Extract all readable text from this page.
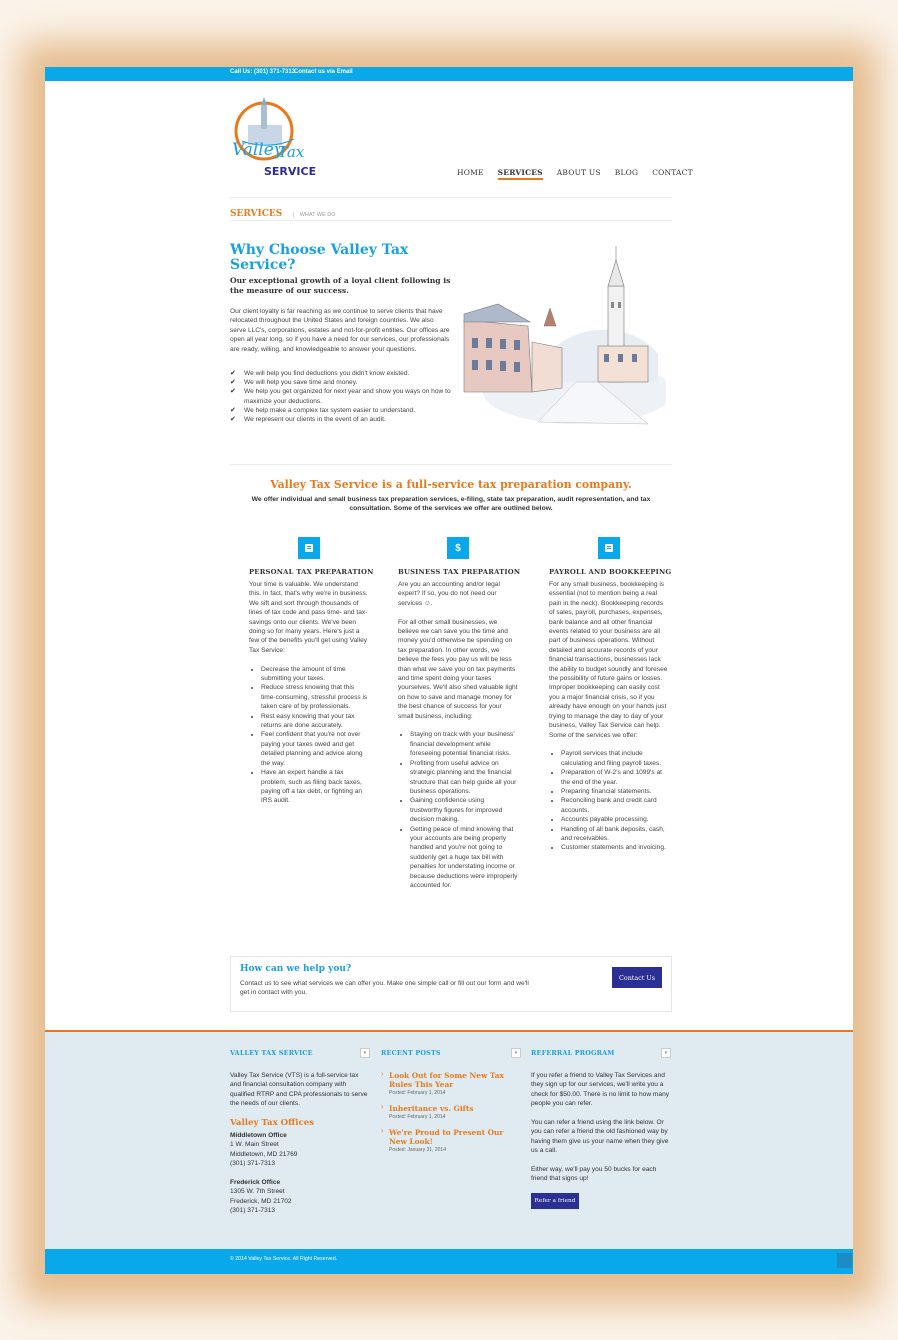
Call Us: (301) 371-7313
Contact us via Email
Valley
Tax
SERVICE	HOME	SERVICES	ABOUT US	BLOG	CONTACT
SERVICES	WHAT WE DO
Why Choose Valley Tax Service?
Our exceptional growth of a loyal client following is the measure of our success.
Our client loyalty is far reaching as we continue to serve clients that have relocated throughout the United States and foreign countries. We also serve LLC's, corporations, estates and not-for-profit entities. Our offices are open all year long, so if you have a need for our services, our professionals are ready, willing, and knowledgeable to answer your questions.
✔ We will help you find deductions you didn't know existed.
✔ We will help you save time and money.
✔ We help you get organized for next year and show you ways on how to maximize your deductions.
✔ We help make a complex tax system easier to understand.
✔ We represent our clients in the event of an audit.
Valley Tax Service is a full-service tax preparation company.
We offer individual and small business tax preparation services, e-filing, state tax preparation, audit representation, and tax consultation. Some of the services we offer are outlined below.
PERSONAL TAX PREPARATION

Your time is valuable. We understand this. In fact, that's why we're in business. We sift and sort through thousands of lines of tax code and pass time- and tax-savings onto our clients. We've been doing so for many years. Here's just a few of the benefits you'll get using Valley Tax Service:

• Decrease the amount of time submitting your taxes.
• Reduce stress knowing that this time-consuming, stressful process is taken care of by professionals.
• Rest easy knowing that your tax returns are done accurately.
• Feel confident that you're not over paying your taxes owed and get detailed planning and advice along the way.
• Have an expert handle a tax problem, such as filing back taxes, paying off a tax debt, or fighting an IRS audit.
$
BUSINESS TAX PREPARATION

Are you an accounting and/or legal expert? If so, you do not need our services ☺.

For all other small businesses, we believe we can save you the time and money you'd otherwise be spending on tax preparation. In other words, we believe the fees you pay us will be less than what we save you on tax payments and time spent doing your taxes yourselves. We'll also shed valuable light on how to save and manage money for the best chance of success for your small business, including:

• Staying on track with your business' financial development while foreseeing potential financial risks.
• Profiting from useful advice on strategic planning and the financial structure that can help guide all your business operations.
• Gaining confidence using trustworthy figures for improved decision making.
• Getting peace of mind knowing that your accounts are being properly handled and you're not going to suddenly get a huge tax bill with penalties for understating income or because deductions were improperly accounted for.
PAYROLL AND BOOKKEEPING

For any small business, bookkeeping is essential (not to mention being a real pain in the neck). Bookkeeping records of sales, payroll, purchases, expenses, bank balance and all other financial events related to your business are all part of business operations. Without detailed and accurate records of your financial transactions, businesses lack the ability to budget soundly and foresee the possibility of future gains or losses. Improper bookkeeping can easily cost you a major financial crisis, so if you already have enough on your hands just trying to manage the day to day of your business, Valley Tax Service can help. Some of the services we offer:

• Payroll services that include calculating and filing payroll taxes.
• Preparation of W-2's and 1099's at the end of the year.
• Preparing financial statements.
• Reconciling bank and credit card accounts.
• Accounts payable processing.
• Handling of all bank deposits, cash, and receivables.
• Customer statements and invoicing.
How can we help you?

Contact us to see what services we can offer you. Make one simple call or fill out our form and we'll get in contact with you.

Contact Us
VALLEY TAX SERVICE	▾

Valley Tax Service (VTS) is a full-service tax and financial consultation company with qualified RTRP and CPA professionals to serve the needs of our clients.

Valley Tax Offices

Middletown Office
1 W. Main Street
Middletown, MD 21769
(301) 371-7313

Frederick Office
1305 W. 7th Street
Frederick, MD 21702
(301) 371-7313

RECENT POSTS	▾
› Look Out for Some New Tax Rules This Year
Posted: February 1, 2014
› Inheritance vs. Gifts
Posted: February 1, 2014
› We're Proud to Present Our New Look!
Posted: January 31, 2014
REFERRAL PROGRAM	▾

If you refer a friend to Valley Tax Services and they sign up for our services, we'll write you a check for $50.00. There is no limit to how many people you can refer.

You can refer a friend using the link below. Or you can refer a friend the old fashioned way by having them give us your name when they give us a call.

Either way, we'll pay you 50 bucks for each friend that signs up!

Refer a friend
© 2014 Valley Tax Service. All Right Reserved.
